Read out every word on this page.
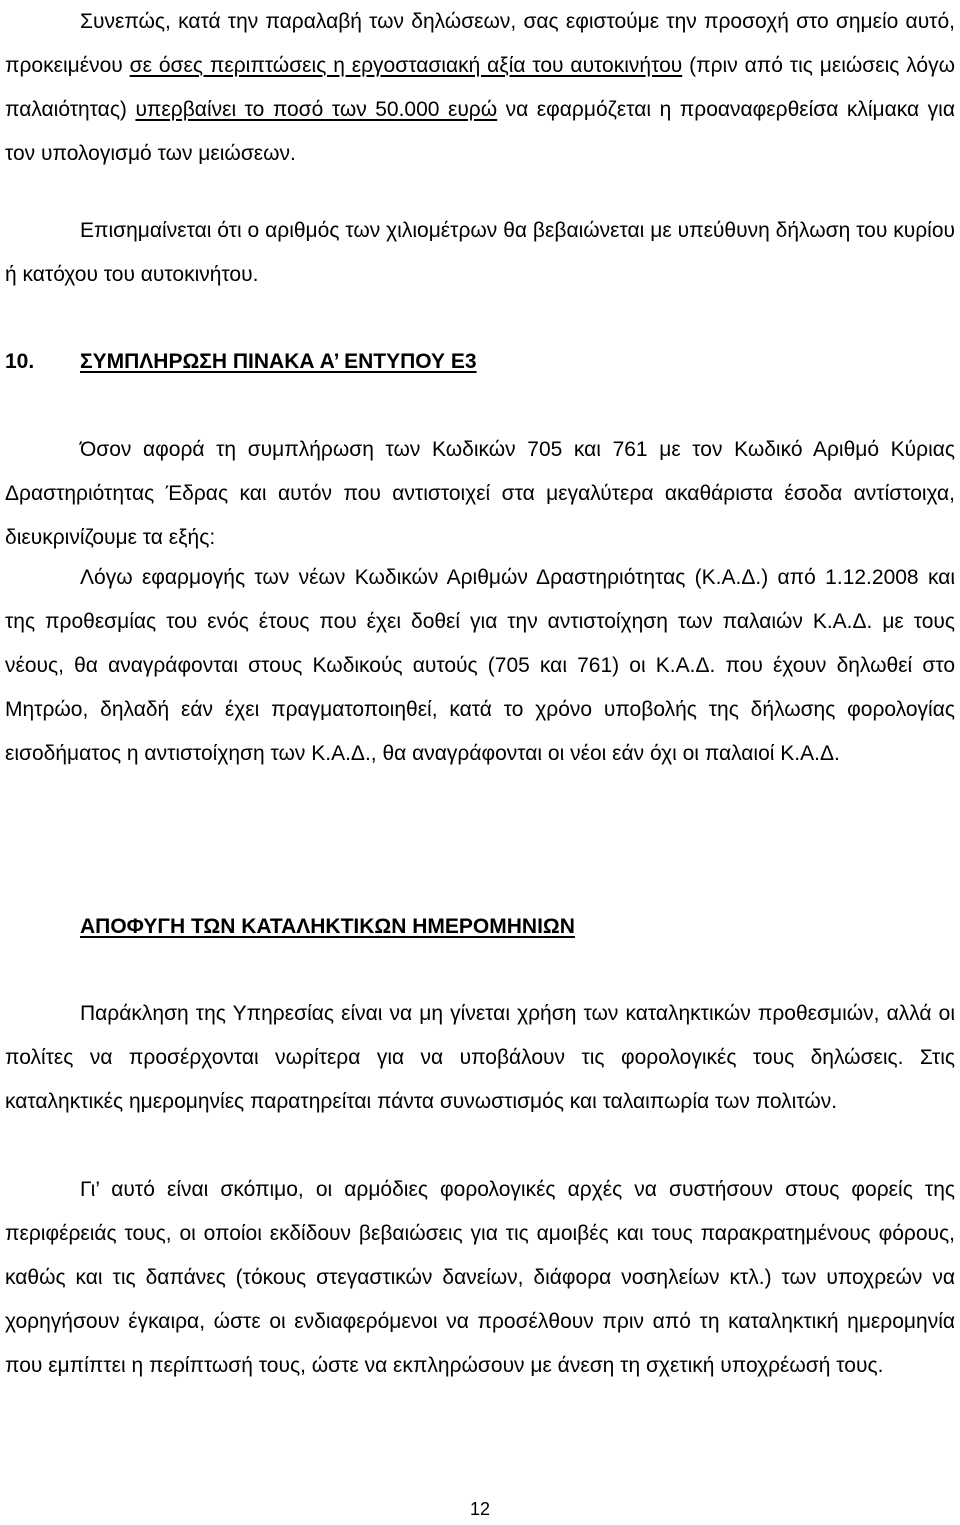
Συνεπώς, κατά την παραλαβή των δηλώσεων, σας εφιστούμε την προσοχή στο σημείο αυτό, προκειμένου σε όσες περιπτώσεις η εργοστασιακή αξία του αυτοκινήτου (πριν από τις μειώσεις λόγω παλαιότητας) υπερβαίνει το ποσό των 50.000 ευρώ να εφαρμόζεται η προαναφερθείσα κλίμακα για τον υπολογισμό των μειώσεων.

Επισημαίνεται ότι ο αριθμός των χιλιομέτρων θα βεβαιώνεται με υπεύθυνη δήλωση του κυρίου ή κατόχου του αυτοκινήτου.

10. ΣΥΜΠΛΗΡΩΣΗ ΠΙΝΑΚΑ Α’ ΕΝΤΥΠΟΥ Ε3

Όσον αφορά τη συμπλήρωση των Κωδικών 705 και 761 με τον Κωδικό Αριθμό Κύριας Δραστηριότητας Έδρας και αυτόν που αντιστοιχεί στα μεγαλύτερα ακαθάριστα έσοδα αντίστοιχα, διευκρινίζουμε τα εξής:

Λόγω εφαρμογής των νέων Κωδικών Αριθμών Δραστηριότητας (Κ.Α.Δ.) από 1.12.2008 και της προθεσμίας του ενός έτους που έχει δοθεί για την αντιστοίχηση των παλαιών Κ.Α.Δ. με τους νέους, θα αναγράφονται στους Κωδικούς αυτούς (705 και 761) οι Κ.Α.Δ. που έχουν δηλωθεί στο Μητρώο, δηλαδή εάν έχει πραγματοποιηθεί, κατά το χρόνο υποβολής της δήλωσης φορολογίας εισοδήματος η αντιστοίχηση των Κ.Α.Δ., θα αναγράφονται οι νέοι εάν όχι οι παλαιοί Κ.Α.Δ.

ΑΠΟΦΥΓΗ ΤΩΝ ΚΑΤΑΛΗΚΤΙΚΩΝ ΗΜΕΡΟΜΗΝΙΩΝ

Παράκληση της Υπηρεσίας είναι να μη γίνεται χρήση των καταληκτικών προθεσμιών, αλλά οι πολίτες να προσέρχονται νωρίτερα για να υποβάλουν τις φορολογικές τους δηλώσεις. Στις καταληκτικές ημερομηνίες παρατηρείται πάντα συνωστισμός και ταλαιπωρία των πολιτών.

Γι’ αυτό είναι σκόπιμο, οι αρμόδιες φορολογικές αρχές να συστήσουν στους φορείς της περιφέρειάς τους, οι οποίοι εκδίδουν βεβαιώσεις για τις αμοιβές και τους παρακρατημένους φόρους, καθώς και τις δαπάνες (τόκους στεγαστικών δανείων, διάφορα νοσηλείων κτλ.) των υποχρεών να χορηγήσουν έγκαιρα, ώστε οι ενδιαφερόμενοι να προσέλθουν πριν από τη καταληκτική ημερομηνία που εμπίπτει η περίπτωσή τους, ώστε να εκπληρώσουν με άνεση τη σχετική υποχρέωσή τους.

12
